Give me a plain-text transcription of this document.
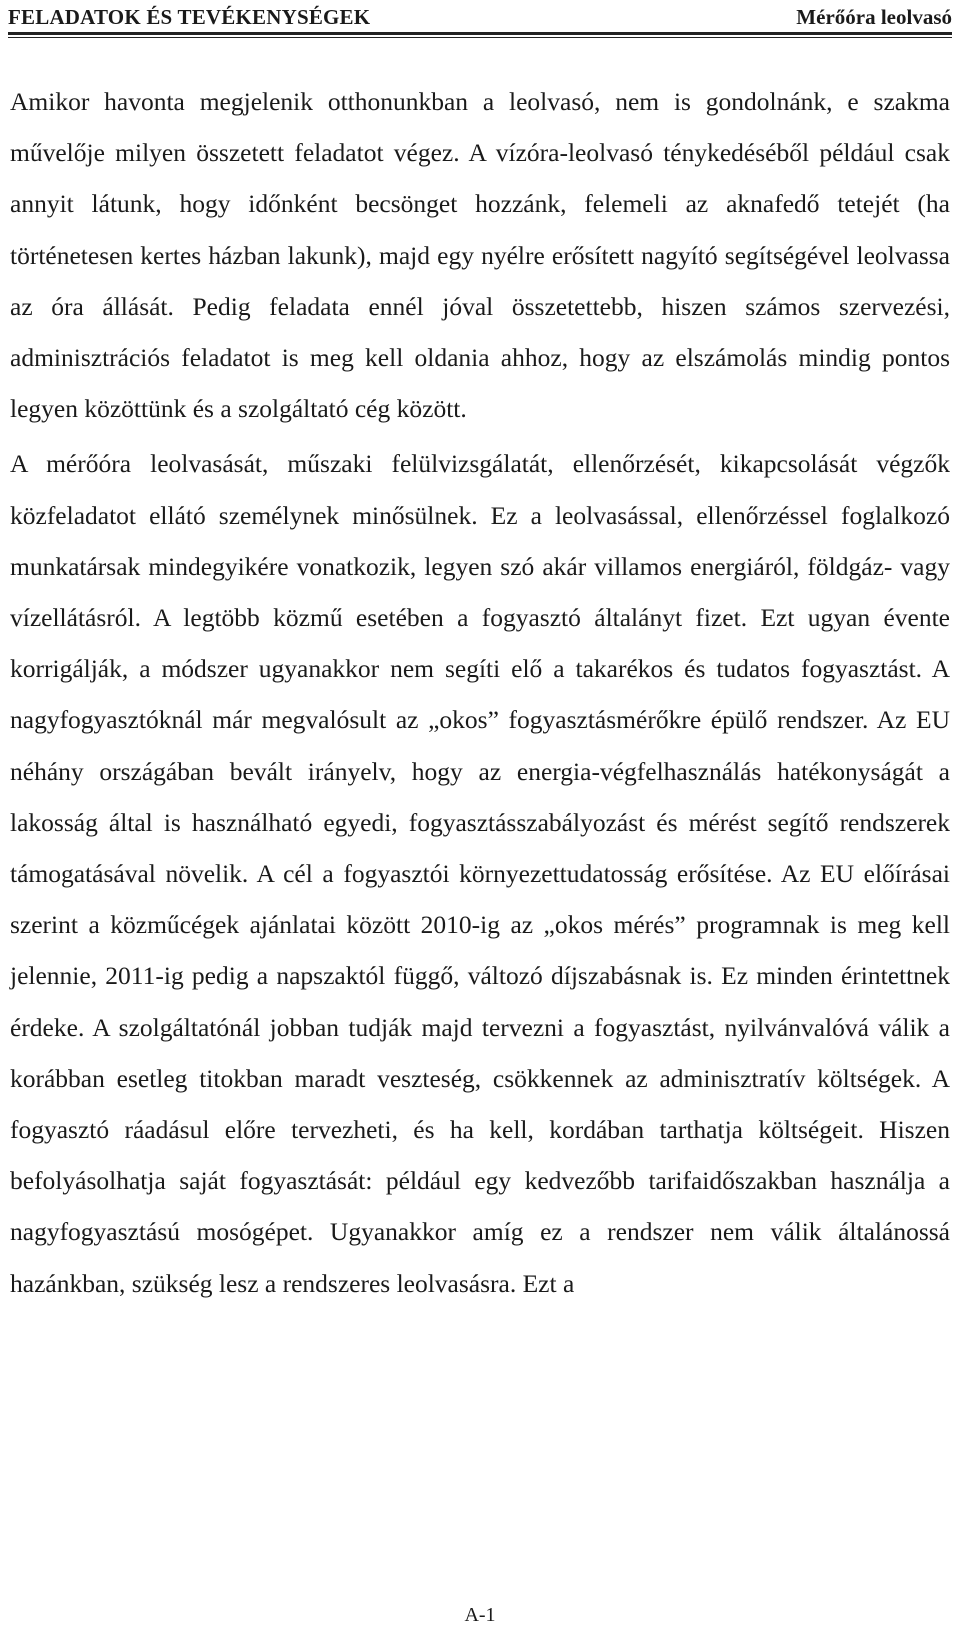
FELADATOK ÉS TEVÉKENYSÉGEK	Mérőóra leolvasó

Amikor havonta megjelenik otthonunkban a leolvasó, nem is gondolnánk, e szakma művelője milyen összetett feladatot végez. A vízóra-leolvasó ténykedéséből például csak annyit látunk, hogy időnként becsönget hozzánk, felemeli az aknafedő tetejét (ha történetesen kertes házban lakunk), majd egy nyélre erősített nagyító segítségével leolvassa az óra állását. Pedig feladata ennél jóval összetettebb, hiszen számos szervezési, adminisztrációs feladatot is meg kell oldania ahhoz, hogy az elszámolás mindig pontos legyen közöttünk és a szolgáltató cég között.

A mérőóra leolvasását, műszaki felülvizsgálatát, ellenőrzését, kikapcsolását végzők közfeladatot ellátó személynek minősülnek. Ez a leolvasással, ellenőrzéssel foglalkozó munkatársak mindegyikére vonatkozik, legyen szó akár villamos energiáról, földgáz- vagy vízellátásról. A legtöbb közmű esetében a fogyasztó általányt fizet. Ezt ugyan évente korrigálják, a módszer ugyanakkor nem segíti elő a takarékos és tudatos fogyasztást. A nagyfogyasztóknál már megvalósult az „okos” fogyasztásmérőkre épülő rendszer. Az EU néhány országában bevált irányelv, hogy az energia-végfelhasználás hatékonyságát a lakosság által is használható egyedi, fogyasztásszabályozást és mérést segítő rendszerek támogatásával növelik. A cél a fogyasztói környezettudatosság erősítése. Az EU előírásai szerint a közműcégek ajánlatai között 2010-ig az „okos mérés” programnak is meg kell jelennie, 2011-ig pedig a napszaktól függő, változó díjszabásnak is. Ez minden érintettnek érdeke. A szolgáltatónál jobban tudják majd tervezni a fogyasztást, nyilvánvalóvá válik a korábban esetleg titokban maradt veszteség, csökkennek az adminisztratív költségek. A fogyasztó ráadásul előre tervezheti, és ha kell, kordában tarthatja költségeit. Hiszen befolyásolhatja saját fogyasztását: például egy kedvezőbb tarifaidőszakban használja a nagyfogyasztású mosógépet. Ugyanakkor amíg ez a rendszer nem válik általánossá hazánkban, szükség lesz a rendszeres leolvasásra. Ezt a

A-1
